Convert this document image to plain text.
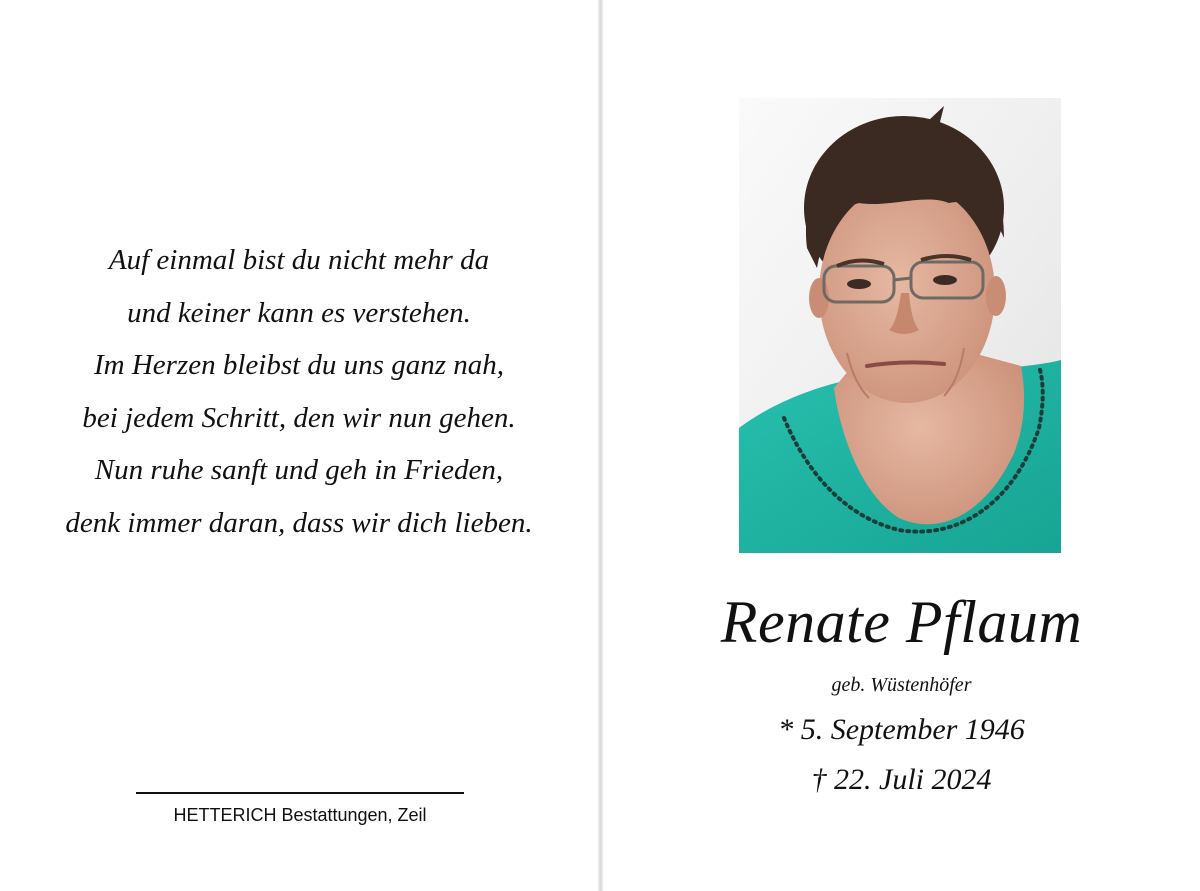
Auf einmal bist du nicht mehr da
und keiner kann es verstehen.
Im Herzen bleibst du uns ganz nah,
bei jedem Schritt, den wir nun gehen.
Nun ruhe sanft und geh in Frieden,
denk immer daran, dass wir dich lieben.
HETTERICH Bestattungen, Zeil
Renate Pflaum
geb. Wüstenhöfer
* 5. September 1946
† 22. Juli 2024
